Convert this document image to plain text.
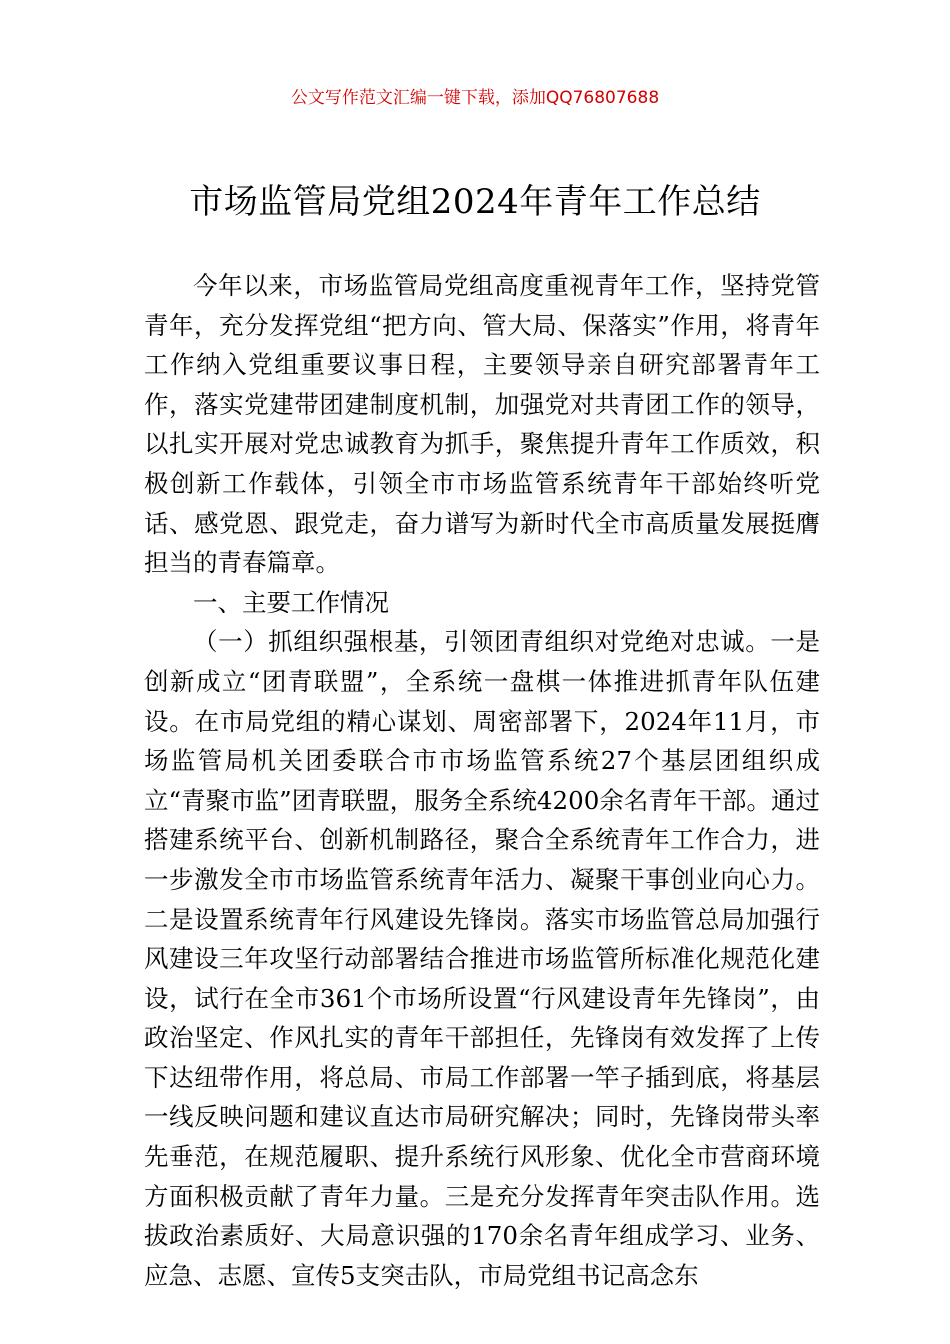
公文写作范文汇编一键下载，添加QQ76807688
市场监管局党组2024年青年工作总结

今年以来，市场监管局党组高度重视青年工作，坚持党管青年，充分发挥党组“把方向、管大局、保落实”作用，将青年工作纳入党组重要议事日程，主要领导亲自研究部署青年工作，落实党建带团建制度机制，加强党对共青团工作的领导，以扎实开展对党忠诚教育为抓手，聚焦提升青年工作质效，积极创新工作载体，引领全市市场监管系统青年干部始终听党话、感党恩、跟党走，奋力谱写为新时代全市高质量发展挺膺担当的青春篇章。

一、主要工作情况

（一）抓组织强根基，引领团青组织对党绝对忠诚。一是创新成立“团青联盟”，全系统一盘棋一体推进抓青年队伍建设。在市局党组的精心谋划、周密部署下，2024年11月，市场监管局机关团委联合市市场监管系统27个基层团组织成立“青聚市监”团青联盟，服务全系统4200余名青年干部。通过搭建系统平台、创新机制路径，聚合全系统青年工作合力，进一步激发全市市场监管系统青年活力、凝聚干事创业向心力。二是设置系统青年行风建设先锋岗。落实市场监管总局加强行风建设三年攻坚行动部署结合推进市场监管所标准化规范化建设，试行在全市361个市场所设置“行风建设青年先锋岗”，由政治坚定、作风扎实的青年干部担任，先锋岗有效发挥了上传下达纽带作用，将总局、市局工作部署一竿子插到底，将基层一线反映问题和建议直达市局研究解决；同时，先锋岗带头率先垂范，在规范履职、提升系统行风形象、优化全市营商环境方面积极贡献了青年力量。三是充分发挥青年突击队作用。选拔政治素质好、大局意识强的170余名青年组成学习、业务、应急、志愿、宣传5支突击队，市局党组书记高念东
